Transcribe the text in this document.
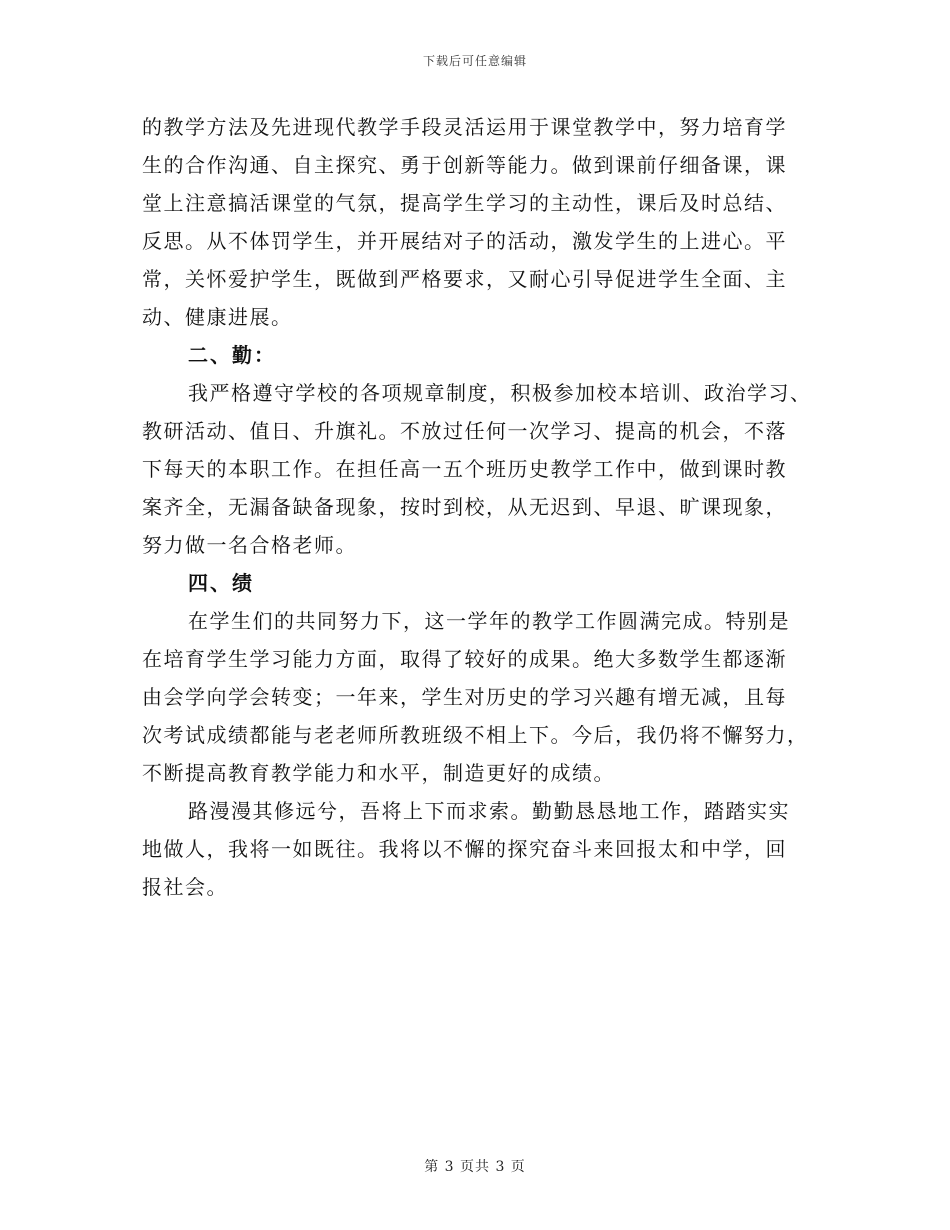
下载后可任意编辑
的教学方法及先进现代教学手段灵活运用于课堂教学中，努力培育学
生的合作沟通、自主探究、勇于创新等能力。做到课前仔细备课，课
堂上注意搞活课堂的气氛，提高学生学习的主动性，课后及时总结、
反思。从不体罚学生，并开展结对子的活动，激发学生的上进心。平
常，关怀爱护学生，既做到严格要求，又耐心引导促进学生全面、主
动、健康进展。
二、勤：
我严格遵守学校的各项规章制度，积极参加校本培训、政治学习、
教研活动、值日、升旗礼。不放过任何一次学习、提高的机会，不落
下每天的本职工作。在担任高一五个班历史教学工作中，做到课时教
案齐全，无漏备缺备现象，按时到校，从无迟到、早退、旷课现象，
努力做一名合格老师。
四、绩
在学生们的共同努力下，这一学年的教学工作圆满完成。特别是
在培育学生学习能力方面，取得了较好的成果。绝大多数学生都逐渐
由会学向学会转变；一年来，学生对历史的学习兴趣有增无减，且每
次考试成绩都能与老老师所教班级不相上下。今后，我仍将不懈努力，
不断提高教育教学能力和水平，制造更好的成绩。
路漫漫其修远兮，吾将上下而求索。勤勤恳恳地工作，踏踏实实
地做人，我将一如既往。我将以不懈的探究奋斗来回报太和中学，回
报社会。
第 3 页共 3 页
